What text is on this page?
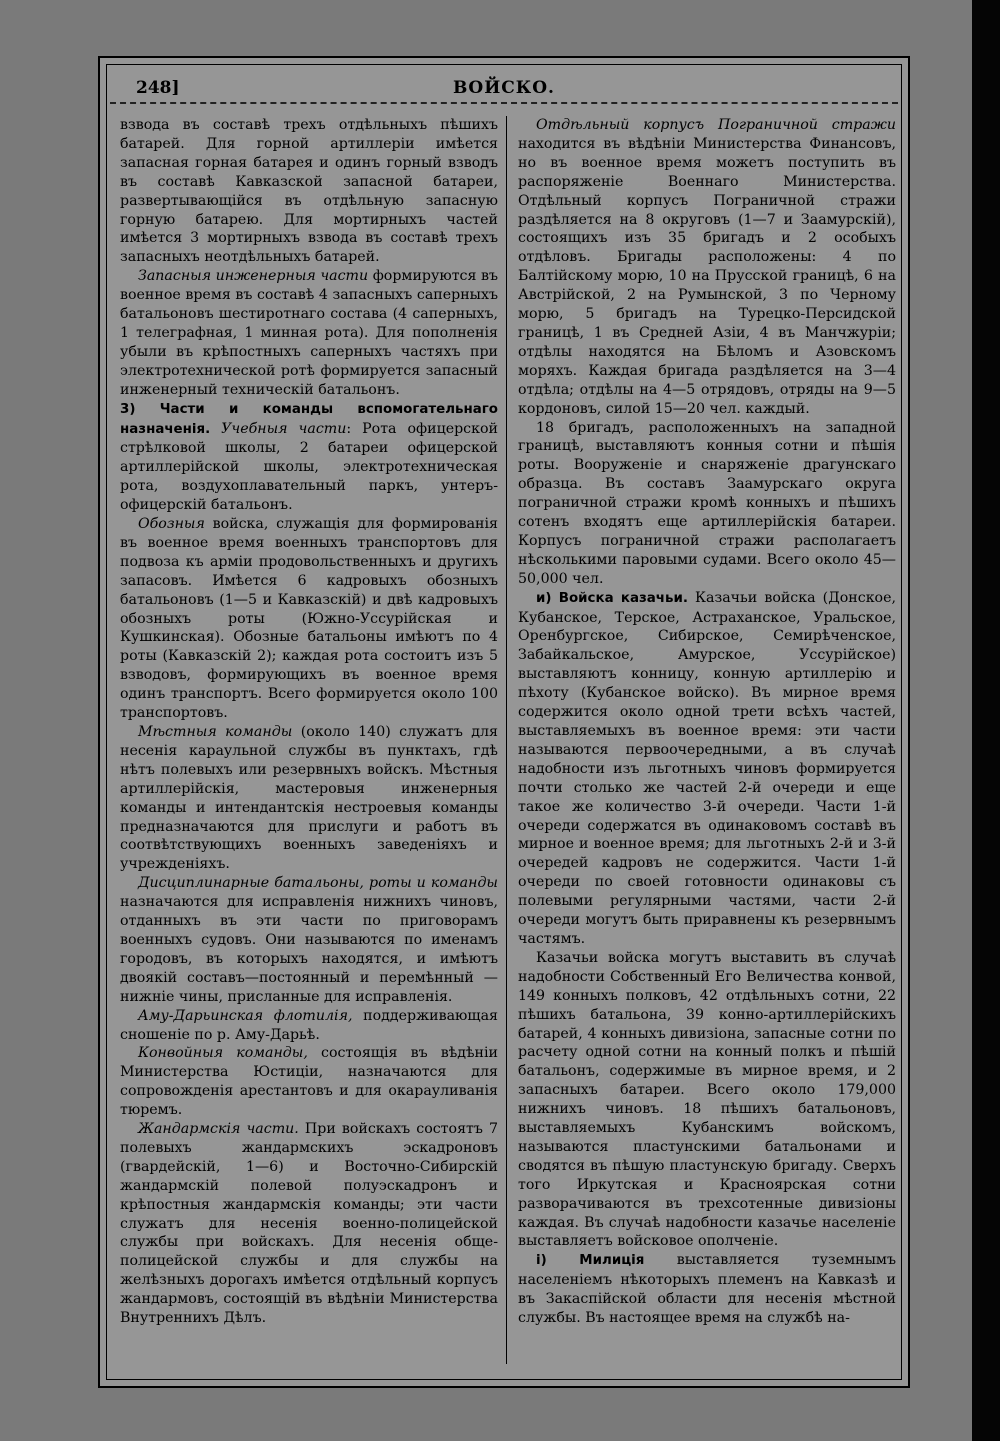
248]	ВОЙСКО.

взвода въ составѣ трехъ отдѣльныхъ пѣшихъ батарей. Для горной артиллеріи имѣется запасная горная батарея и одинъ горный взводъ въ составѣ Кавказской запасной батареи, развертывающійся въ отдѣльную запасную горную батарею. Для мортирныхъ частей имѣется 3 мортирныхъ взвода въ составѣ трехъ запасныхъ неотдѣльныхъ батарей.

Запасныя инженерныя части формируются въ военное время въ составѣ 4 запасныхъ саперныхъ батальоновъ шестиротнаго состава (4 саперныхъ, 1 телеграфная, 1 минная рота). Для пополненія убыли въ крѣпостныхъ саперныхъ частяхъ при электротехнической ротѣ формируется запасный инженерный техническій батальонъ.

3) Части и команды вспомогательнаго назначенія. Учебныя части: Рота офицерской стрѣлковой школы, 2 батареи офицерской артиллерійской школы, электротехническая рота, воздухоплавательный паркъ, унтеръ-офицерскій батальонъ.

Обозныя войска, служащія для формированія въ военное время военныхъ транспортовъ для подвоза къ арміи продовольственныхъ и другихъ запасовъ. Имѣется 6 кадровыхъ обозныхъ батальоновъ (1—5 и Кавказскій) и двѣ кадровыхъ обозныхъ роты (Южно-Уссурійская и Кушкинская). Обозные батальоны имѣютъ по 4 роты (Кавказскій 2); каждая рота состоитъ изъ 5 взводовъ, формирующихъ въ военное время одинъ транспортъ. Всего формируется около 100 транспортовъ.

Мѣстныя команды (около 140) служатъ для несенія караульной службы въ пунктахъ, гдѣ нѣтъ полевыхъ или резервныхъ войскъ. Мѣстныя артиллерійскія, мастеровыя инженерныя команды и интендантскія нестроевыя команды предназначаются для прислуги и работъ въ соотвѣтствующихъ военныхъ заведеніяхъ и учрежденіяхъ.

Дисциплинарные батальоны, роты и команды назначаются для исправленія нижнихъ чиновъ, отданныхъ въ эти части по приговорамъ военныхъ судовъ. Они называются по именамъ городовъ, въ которыхъ находятся, и имѣютъ двоякій составъ—постоянный и перемѣнный — нижніе чины, присланные для исправленія.

Аму-Дарьинская флотилія, поддерживающая сношеніе по р. Аму-Дарьѣ.

Конвойныя команды, состоящія въ вѣдѣніи Министерства Юстиціи, назначаются для сопровожденія арестантовъ и для окарауливанія тюремъ.

Жандармскія части. При войскахъ состоятъ 7 полевыхъ жандармскихъ эскадроновъ (гвардейскій, 1—6) и Восточно-Сибирскій жандармскій полевой полуэскадронъ и крѣпостныя жандармскія команды; эти части служатъ для несенія военно-полицейской службы при войскахъ. Для несенія обще-полицейской службы и для службы на желѣзныхъ дорогахъ имѣется отдѣльный корпусъ жандармовъ, состоящій въ вѣдѣніи Министерства Внутреннихъ Дѣлъ.

Отдѣльный корпусъ Пограничной стражи находится въ вѣдѣніи Министерства Финансовъ, но въ военное время можетъ поступить въ распоряженіе Военнаго Министерства. Отдѣльный корпусъ Пограничной стражи раздѣляется на 8 округовъ (1—7 и Заамурскій), состоящихъ изъ 35 бригадъ и 2 особыхъ отдѣловъ. Бригады расположены: 4 по Балтійскому морю, 10 на Прусской границѣ, 6 на Австрійской, 2 на Румынской, 3 по Черному морю, 5 бригадъ на Турецко-Персидской границѣ, 1 въ Средней Азіи, 4 въ Манчжуріи; отдѣлы находятся на Бѣломъ и Азовскомъ моряхъ. Каждая бригада раздѣляется на 3—4 отдѣла; отдѣлы на 4—5 отрядовъ, отряды на 9—5 кордоновъ, силой 15—20 чел. каждый.

18 бригадъ, расположенныхъ на западной границѣ, выставляютъ конныя сотни и пѣшія роты. Вооруженіе и снаряженіе драгунскаго образца. Въ составъ Заамурскаго округа пограничной стражи кромѣ конныхъ и пѣшихъ сотенъ входятъ еще артиллерійскія батареи. Корпусъ пограничной стражи располагаетъ нѣсколькими паровыми судами. Всего около 45—50,000 чел.

и) Войска казачьи. Казачьи войска (Донское, Кубанское, Терское, Астраханское, Уральское, Оренбургское, Сибирское, Семирѣченское, Забайкальское, Амурское, Уссурійское) выставляютъ конницу, конную артиллерію и пѣхоту (Кубанское войско). Въ мирное время содержится около одной трети всѣхъ частей, выставляемыхъ въ военное время: эти части называются первоочередными, а въ случаѣ надобности изъ льготныхъ чиновъ формируется почти столько же частей 2-й очереди и еще такое же количество 3-й очереди. Части 1-й очереди содержатся въ одинаковомъ составѣ въ мирное и военное время; для льготныхъ 2-й и 3-й очередей кадровъ не содержится. Части 1-й очереди по своей готовности одинаковы съ полевыми регулярными частями, части 2-й очереди могутъ быть приравнены къ резервнымъ частямъ.

Казачьи войска могутъ выставить въ случаѣ надобности Собственный Его Величества конвой, 149 конныхъ полковъ, 42 отдѣльныхъ сотни, 22 пѣшихъ батальона, 39 конно-артиллерійскихъ батарей, 4 конныхъ дивизіона, запасные сотни по расчету одной сотни на конный полкъ и пѣшій батальонъ, содержимые въ мирное время, и 2 запасныхъ батареи. Всего около 179,000 нижнихъ чиновъ. 18 пѣшихъ батальоновъ, выставляемыхъ Кубанскимъ войскомъ, называются пластунскими батальонами и сводятся въ пѣшую пластунскую бригаду. Сверхъ того Иркутская и Красноярская сотни разворачиваются въ трехсотенные дивизіоны каждая. Въ случаѣ надобности казачье населеніе выставляетъ войсковое ополченіе.

і) Милиція выставляется туземнымъ населеніемъ нѣкоторыхъ племенъ на Кавказѣ и въ Закаспійской области для несенія мѣстной службы. Въ настоящее время на службѣ на-
